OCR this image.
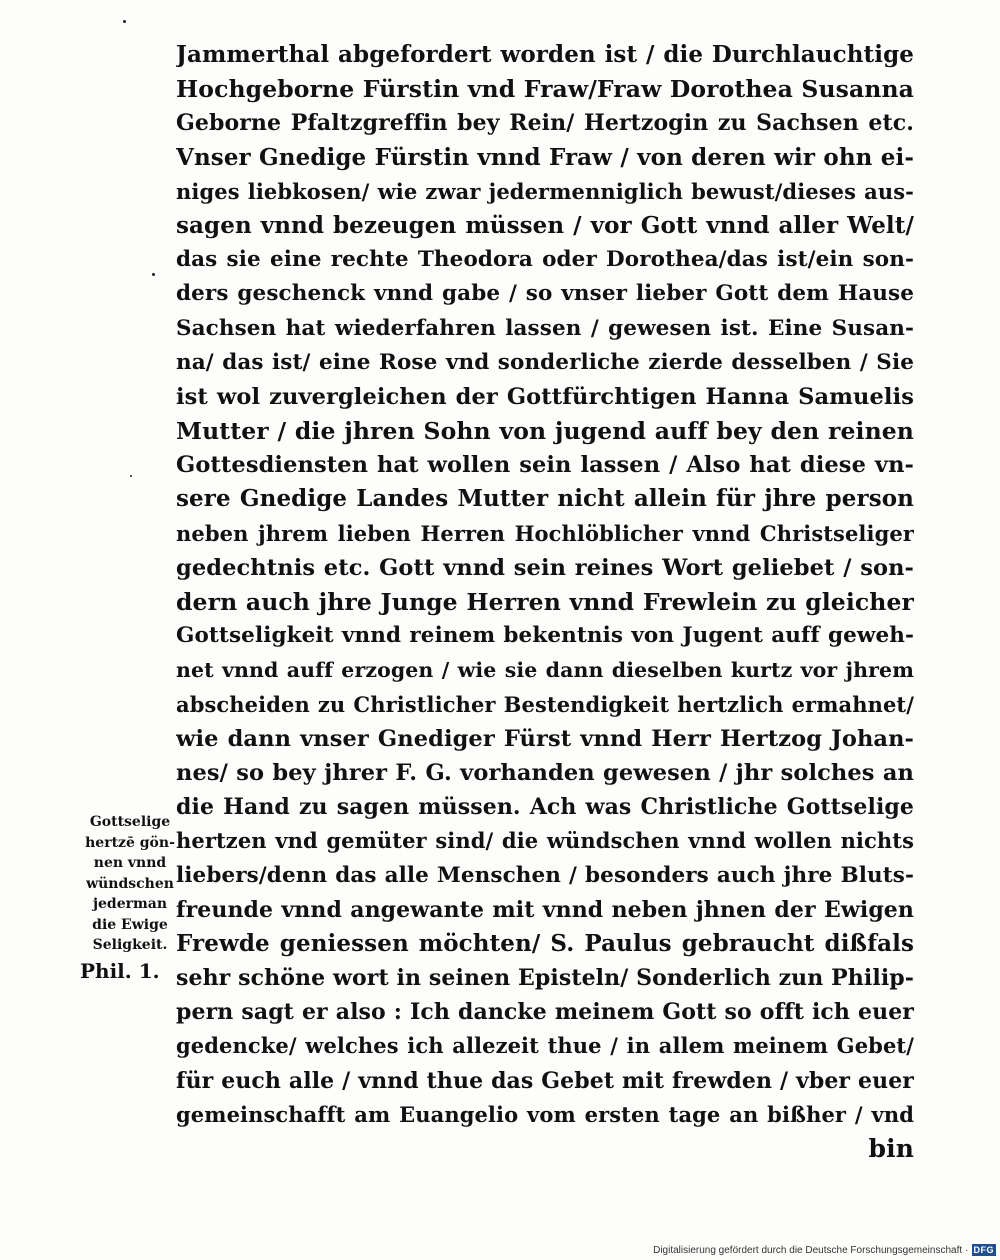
Jammerthal abgefordert worden ist / die Durchlauchtige
Hochgeborne Fürstin vnd Fraw/Fraw Dorothea Susanna
Geborne Pfaltzgreffin bey Rein/ Hertzogin zu Sachsen etc.
Vnser Gnedige Fürstin vnnd Fraw / von deren wir ohn ei-
niges liebkosen/ wie zwar jedermenniglich bewust/dieses aus-
sagen vnnd bezeugen müssen / vor Gott vnnd aller Welt/
das sie eine rechte Theodora oder Dorothea/das ist/ein son-
ders geschenck vnnd gabe / so vnser lieber Gott dem Hause
Sachsen hat wiederfahren lassen / gewesen ist. Eine Susan-
na/ das ist/ eine Rose vnd sonderliche zierde desselben / Sie
ist wol zuvergleichen der Gottfürchtigen Hanna Samuelis
Mutter / die jhren Sohn von jugend auff bey den reinen
Gottesdiensten hat wollen sein lassen / Also hat diese vn-
sere Gnedige Landes Mutter nicht allein für jhre person
neben jhrem lieben Herren Hochlöblicher vnnd Christseliger
gedechtnis etc. Gott vnnd sein reines Wort geliebet / son-
dern auch jhre Junge Herren vnnd Frewlein zu gleicher
Gottseligkeit vnnd reinem bekentnis von Jugent auff geweh-
net vnnd auff erzogen / wie sie dann dieselben kurtz vor jhrem
abscheiden zu Christlicher Bestendigkeit hertzlich ermahnet/
wie dann vnser Gnediger Fürst vnnd Herr Hertzog Johan-
nes/ so bey jhrer F. G. vorhanden gewesen / jhr solches an
die Hand zu sagen müssen. Ach was Christliche Gottselige
hertzen vnd gemüter sind/ die wündschen vnnd wollen nichts
liebers/denn das alle Menschen / besonders auch jhre Bluts-
freunde vnnd angewante mit vnnd neben jhnen der Ewigen
Frewde geniessen möchten/ S. Paulus gebraucht dißfals
sehr schöne wort in seinen Episteln/ Sonderlich zun Philip-
pern sagt er also : Ich dancke meinem Gott so offt ich euer
gedencke/ welches ich allezeit thue / in allem meinem Gebet/
für euch alle / vnnd thue das Gebet mit frewden / vber euer
gemeinschafft am Euangelio vom ersten tage an bißher / vnd
bin
Gottselige
hertzē gön-
nen vnnd
wündschen
jederman
die Ewige
Seligkeit.
Phil. 1.
Digitalisierung gefördert durch die Deutsche Forschungsgemeinschaft · DFG
